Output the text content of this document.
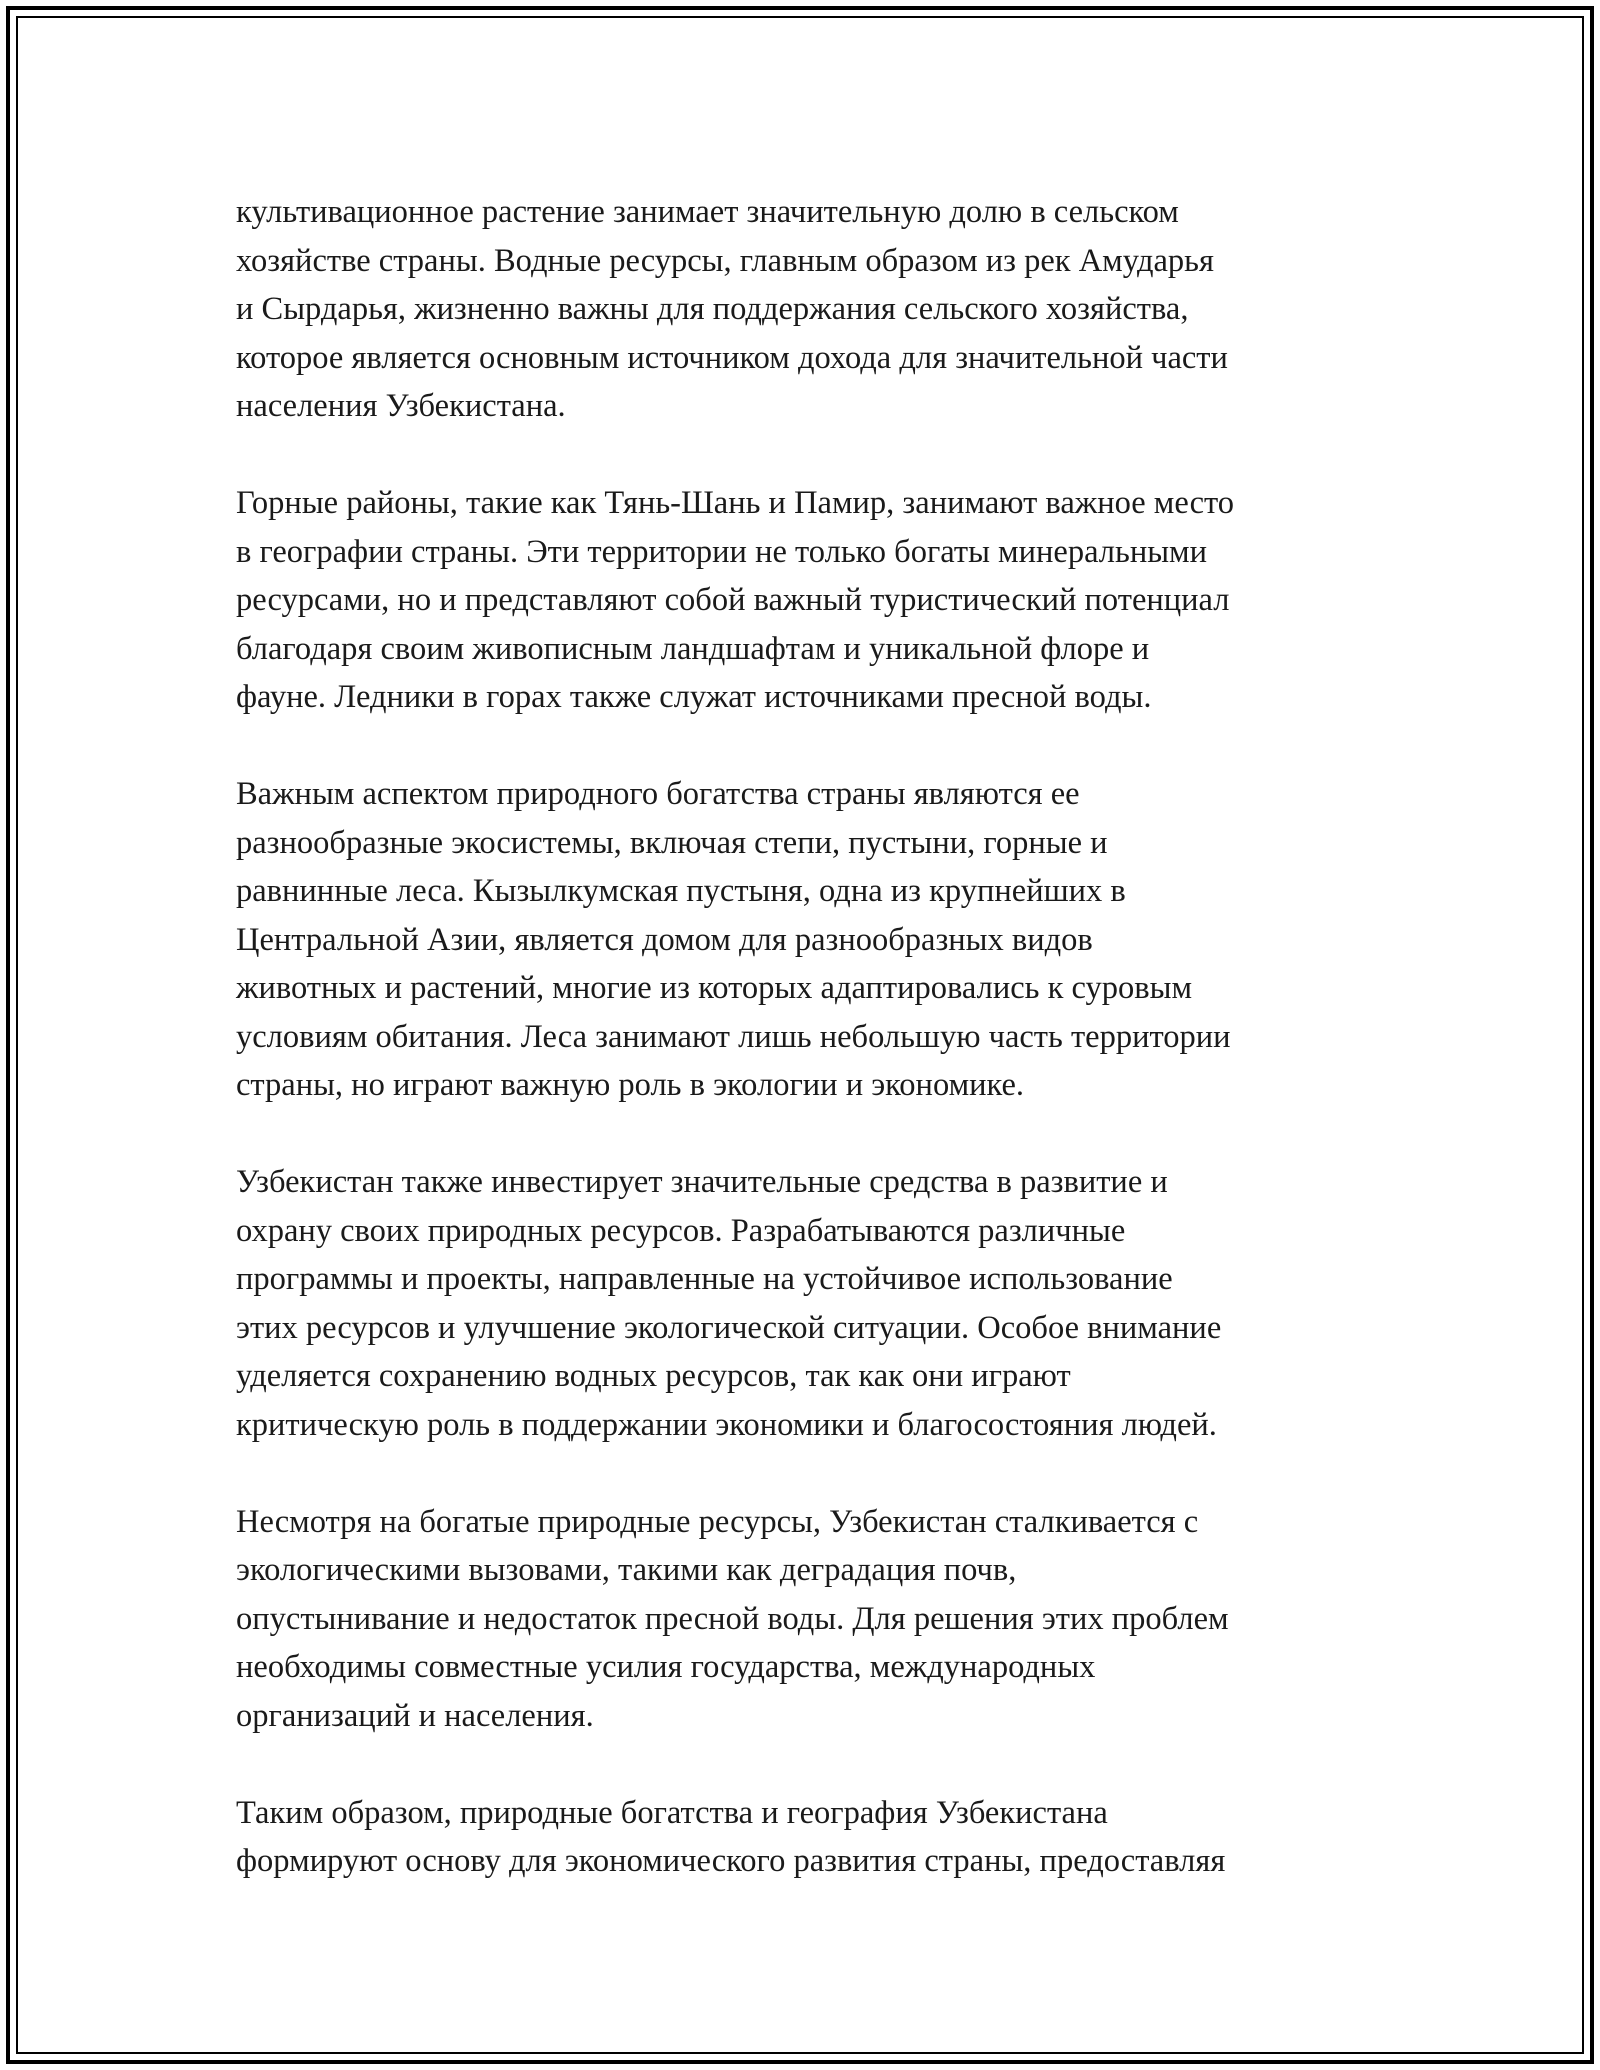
культивационное растение занимает значительную долю в сельском
хозяйстве страны. Водные ресурсы, главным образом из рек Амударья
и Сырдарья, жизненно важны для поддержания сельского хозяйства,
которое является основным источником дохода для значительной части
населения Узбекистана.

Горные районы, такие как Тянь-Шань и Памир, занимают важное место
в географии страны. Эти территории не только богаты минеральными
ресурсами, но и представляют собой важный туристический потенциал
благодаря своим живописным ландшафтам и уникальной флоре и
фауне. Ледники в горах также служат источниками пресной воды.

Важным аспектом природного богатства страны являются ее
разнообразные экосистемы, включая степи, пустыни, горные и
равнинные леса. Кызылкумская пустыня, одна из крупнейших в
Центральной Азии, является домом для разнообразных видов
животных и растений, многие из которых адаптировались к суровым
условиям обитания. Леса занимают лишь небольшую часть территории
страны, но играют важную роль в экологии и экономике.

Узбекистан также инвестирует значительные средства в развитие и
охрану своих природных ресурсов. Разрабатываются различные
программы и проекты, направленные на устойчивое использование
этих ресурсов и улучшение экологической ситуации. Особое внимание
уделяется сохранению водных ресурсов, так как они играют
критическую роль в поддержании экономики и благосостояния людей.

Несмотря на богатые природные ресурсы, Узбекистан сталкивается с
экологическими вызовами, такими как деградация почв,
опустынивание и недостаток пресной воды. Для решения этих проблем
необходимы совместные усилия государства, международных
организаций и населения.

Таким образом, природные богатства и география Узбекистана
формируют основу для экономического развития страны, предоставляя
